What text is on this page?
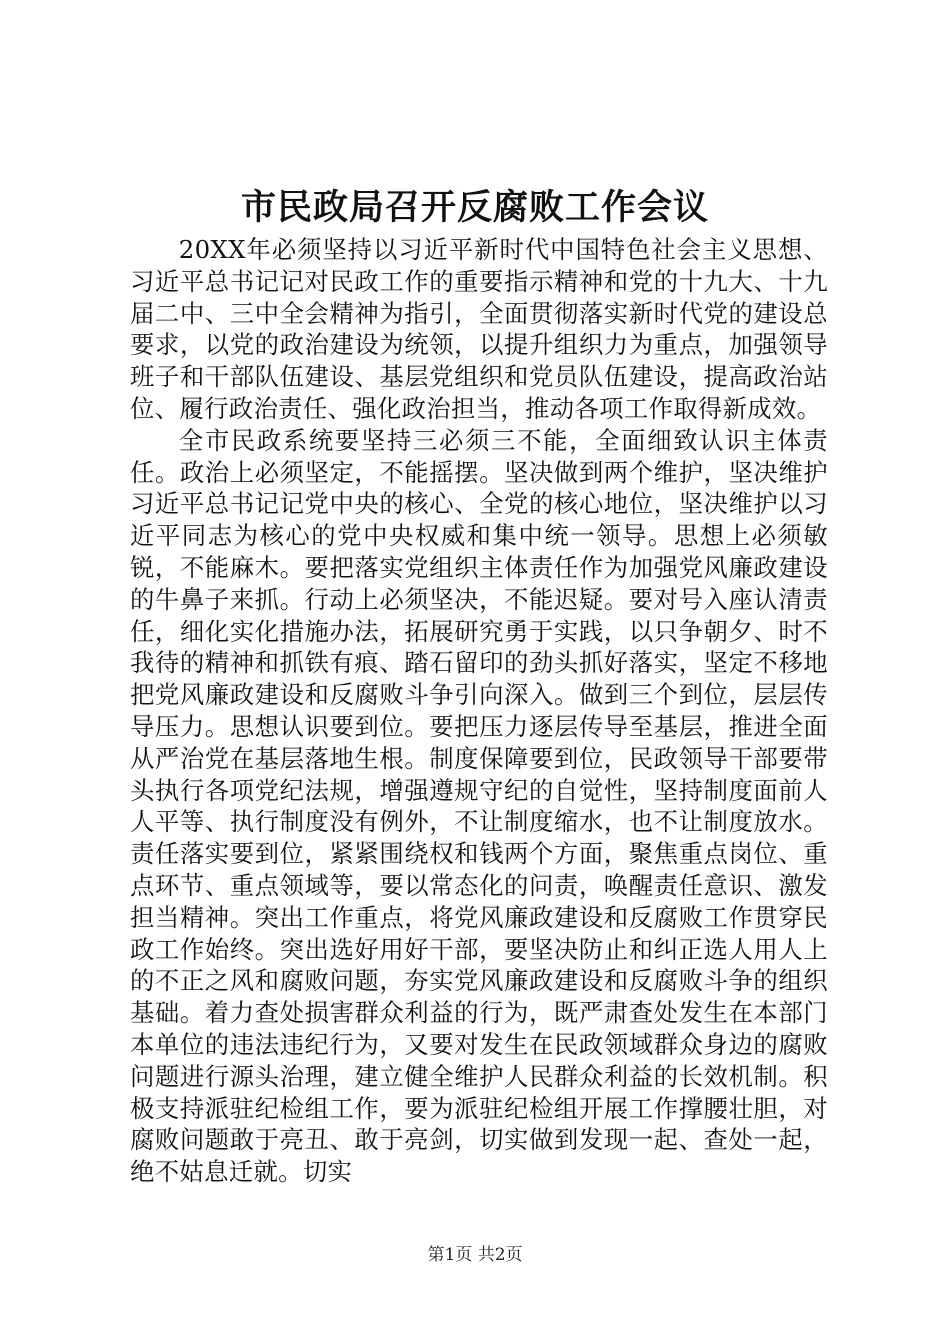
市民政局召开反腐败工作会议

20XX年必须坚持以习近平新时代中国特色社会主义思想、习近平总书记记对民政工作的重要指示精神和党的十九大、十九届二中、三中全会精神为指引，全面贯彻落实新时代党的建设总要求，以党的政治建设为统领，以提升组织力为重点，加强领导班子和干部队伍建设、基层党组织和党员队伍建设，提高政治站位、履行政治责任、强化政治担当，推动各项工作取得新成效。

全市民政系统要坚持三必须三不能，全面细致认识主体责任。政治上必须坚定，不能摇摆。坚决做到两个维护，坚决维护习近平总书记记党中央的核心、全党的核心地位，坚决维护以习近平同志为核心的党中央权威和集中统一领导。思想上必须敏锐，不能麻木。要把落实党组织主体责任作为加强党风廉政建设的牛鼻子来抓。行动上必须坚决，不能迟疑。要对号入座认清责任，细化实化措施办法，拓展研究勇于实践，以只争朝夕、时不我待的精神和抓铁有痕、踏石留印的劲头抓好落实，坚定不移地把党风廉政建设和反腐败斗争引向深入。做到三个到位，层层传导压力。思想认识要到位。要把压力逐层传导至基层，推进全面从严治党在基层落地生根。制度保障要到位，民政领导干部要带头执行各项党纪法规，增强遵规守纪的自觉性，坚持制度面前人人平等、执行制度没有例外，不让制度缩水，也不让制度放水。责任落实要到位，紧紧围绕权和钱两个方面，聚焦重点岗位、重点环节、重点领域等，要以常态化的问责，唤醒责任意识、激发担当精神。突出工作重点，将党风廉政建设和反腐败工作贯穿民政工作始终。突出选好用好干部，要坚决防止和纠正选人用人上的不正之风和腐败问题，夯实党风廉政建设和反腐败斗争的组织基础。着力查处损害群众利益的行为，既严肃查处发生在本部门本单位的违法违纪行为，又要对发生在民政领域群众身边的腐败问题进行源头治理，建立健全维护人民群众利益的长效机制。积极支持派驻纪检组工作，要为派驻纪检组开展工作撑腰壮胆，对腐败问题敢于亮丑、敢于亮剑，切实做到发现一起、查处一起，绝不姑息迁就。切实

第1页 共2页
